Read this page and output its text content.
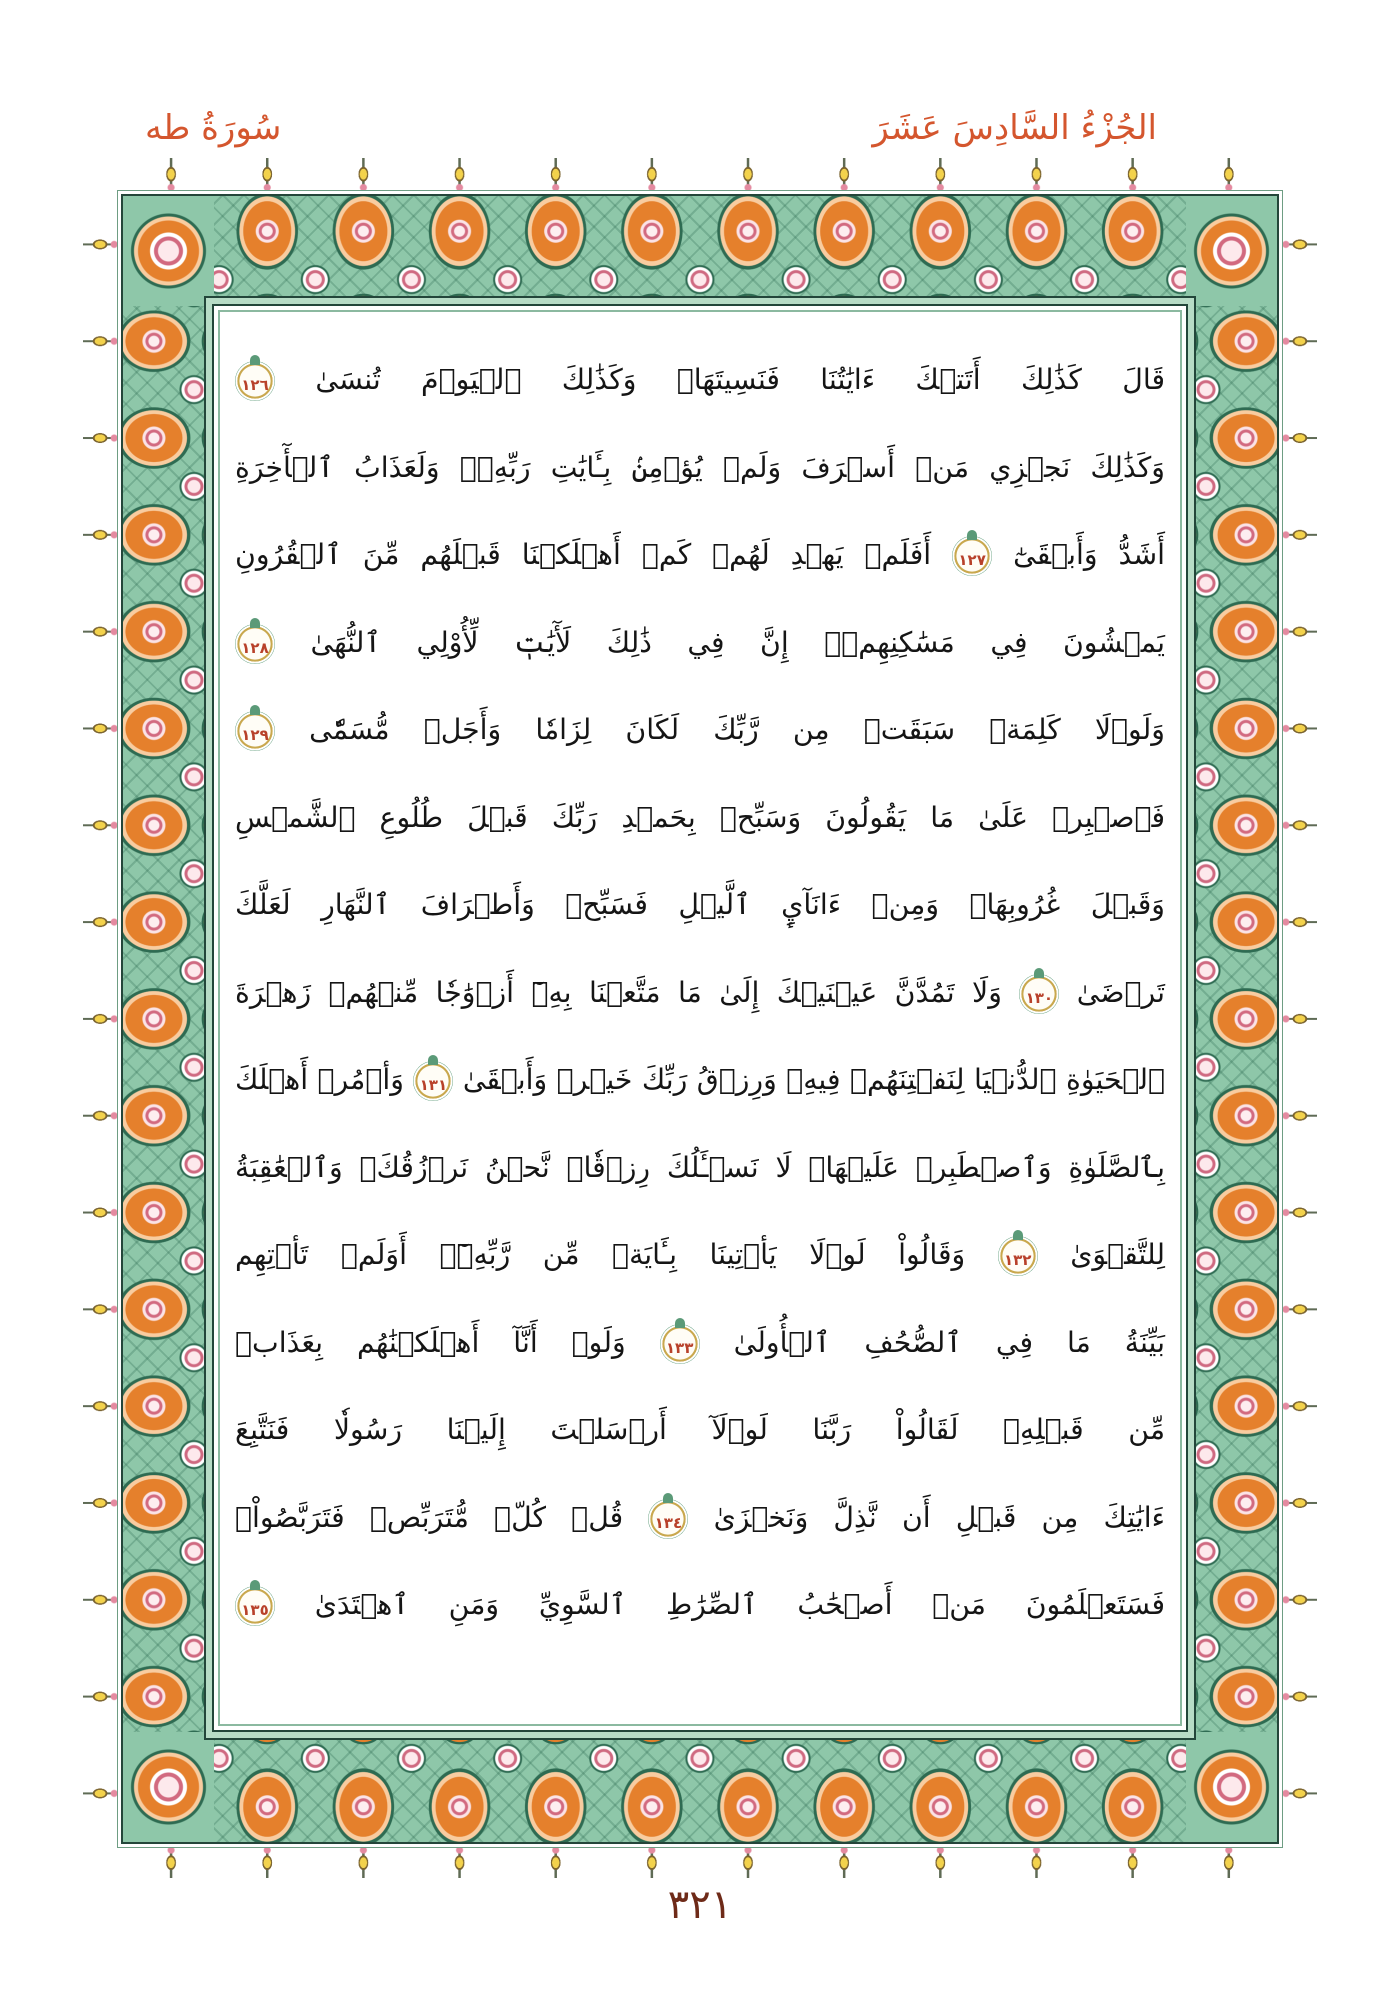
الجُزْءُ السَّادِسَ عَشَرَ
سُورَةُ طه
قَالَ كَذَٰلِكَ أَتَتۡكَ ءَايَٰتُنَا فَنَسِيتَهَاۖ وَكَذَٰلِكَ ٱلۡيَوۡمَ تُنسَىٰ ١٢٦
وَكَذَٰلِكَ نَجۡزِي مَنۡ أَسۡرَفَ وَلَمۡ يُؤۡمِنۢ بِـَٔايَٰتِ رَبِّهِۦۚ وَلَعَذَابُ ٱلۡأٓخِرَةِ
أَشَدُّ وَأَبۡقَىٰٓ ١٢٧ أَفَلَمۡ يَهۡدِ لَهُمۡ كَمۡ أَهۡلَكۡنَا قَبۡلَهُم مِّنَ ٱلۡقُرُونِ
يَمۡشُونَ فِي مَسَٰكِنِهِمۡۚ إِنَّ فِي ذَٰلِكَ لَأٓيَٰتٖ لِّأُوْلِي ٱلنُّهَىٰ ١٢٨
وَلَوۡلَا كَلِمَةٞ سَبَقَتۡ مِن رَّبِّكَ لَكَانَ لِزَامٗا وَأَجَلٞ مُّسَمّٗى ١٢٩
فَٱصۡبِرۡ عَلَىٰ مَا يَقُولُونَ وَسَبِّحۡ بِحَمۡدِ رَبِّكَ قَبۡلَ طُلُوعِ ٱلشَّمۡسِ
وَقَبۡلَ غُرُوبِهَاۖ وَمِنۡ ءَانَآيِٕ ٱلَّيۡلِ فَسَبِّحۡ وَأَطۡرَافَ ٱلنَّهَارِ لَعَلَّكَ
تَرۡضَىٰ ١٣٠ وَلَا تَمُدَّنَّ عَيۡنَيۡكَ إِلَىٰ مَا مَتَّعۡنَا بِهِۦٓ أَزۡوَٰجٗا مِّنۡهُمۡ زَهۡرَةَ
ٱلۡحَيَوٰةِ ٱلدُّنۡيَا لِنَفۡتِنَهُمۡ فِيهِۚ وَرِزۡقُ رَبِّكَ خَيۡرٞ وَأَبۡقَىٰ ١٣١ وَأۡمُرۡ أَهۡلَكَ
بِٱلصَّلَوٰةِ وَٱصۡطَبِرۡ عَلَيۡهَاۖ لَا نَسۡـَٔلُكَ رِزۡقٗاۖ نَّحۡنُ نَرۡزُقُكَۗ وَٱلۡعَٰقِبَةُ
لِلتَّقۡوَىٰ ١٣٢ وَقَالُواْ لَوۡلَا يَأۡتِينَا بِـَٔايَةٖ مِّن رَّبِّهِۦٓۚ أَوَلَمۡ تَأۡتِهِم
بَيِّنَةُ مَا فِي ٱلصُّحُفِ ٱلۡأُولَىٰ ١٣٣ وَلَوۡ أَنَّآ أَهۡلَكۡنَٰهُم بِعَذَابٖ
مِّن قَبۡلِهِۦ لَقَالُواْ رَبَّنَا لَوۡلَآ أَرۡسَلۡتَ إِلَيۡنَا رَسُولٗا فَنَتَّبِعَ
ءَايَٰتِكَ مِن قَبۡلِ أَن نَّذِلَّ وَنَخۡزَىٰ ١٣٤ قُلۡ كُلّٞ مُّتَرَبِّصٞ فَتَرَبَّصُواْۖ
فَسَتَعۡلَمُونَ مَنۡ أَصۡحَٰبُ ٱلصِّرَٰطِ ٱلسَّوِيِّ وَمَنِ ٱهۡتَدَىٰ ١٣٥
٣٢١
